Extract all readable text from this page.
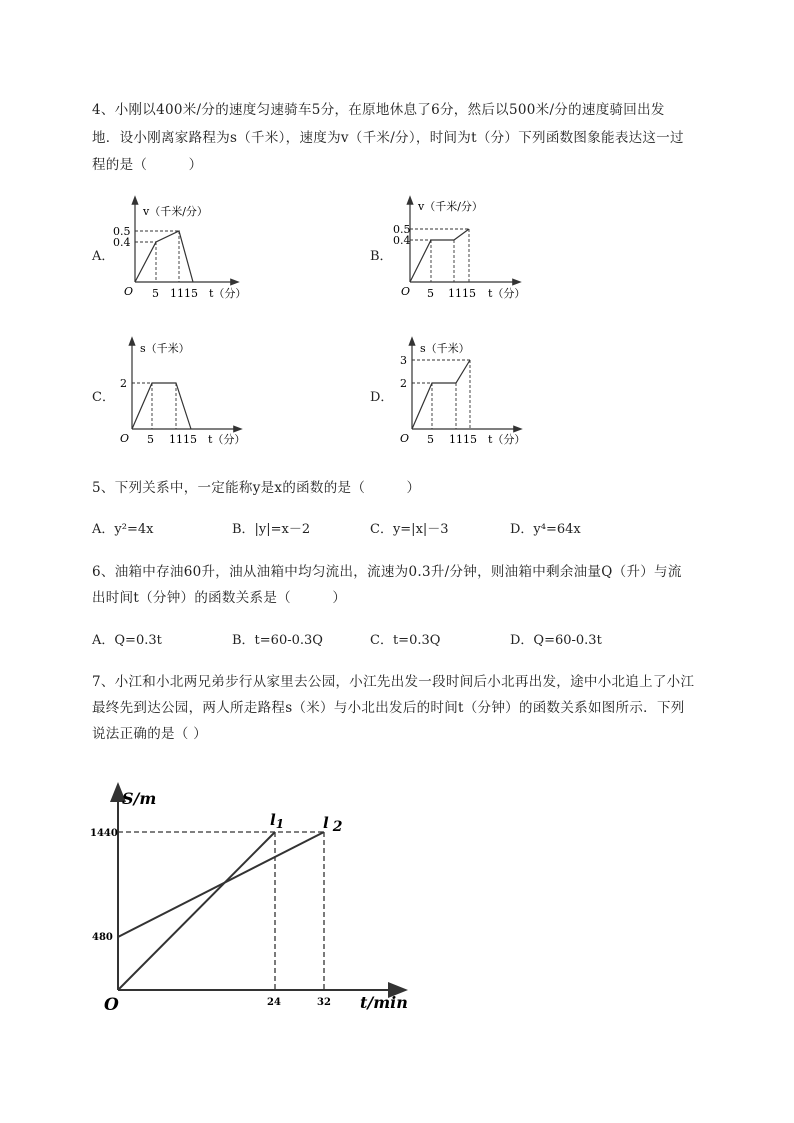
4、小刚以400米/分的速度匀速骑车5分，在原地休息了6分，然后以500米/分的速度骑回出发
地．设小刚离家路程为s（千米），速度为v（千米/分），时间为t（分）下列函数图象能表达这一过
程的是（　　　）
A．	B．
C．	D．
v（千米/分）
0.5
0.4
O 5 1115 t（分）
v（千米/分）
0.5
0.4
O 5 1115 t（分）
s（千米）
2
O 5 1115 t（分）
s（千米）
3
2
O 5 1115 t（分）
5、下列关系中，一定能称y是x的函数的是（　　　）
A．y²=4x	B．|y|=x－2	C．y=|x|－3	D．y⁴=64x
6、油箱中存油60升，油从油箱中均匀流出，流速为0.3升/分钟，则油箱中剩余油量Q（升）与流
出时间t（分钟）的函数关系是（　　　）
A．Q=0.3t	B．t=60-0.3Q	C．t=0.3Q	D．Q=60-0.3t
7、小江和小北两兄弟步行从家里去公园，小江先出发一段时间后小北再出发，途中小北追上了小江
最终先到达公园，两人所走路程s（米）与小北出发后的时间t（分钟）的函数关系如图所示．下列
说法正确的是（ ）
S/m
t/min
O
1440
480
24	32
$l_1$	l 2
